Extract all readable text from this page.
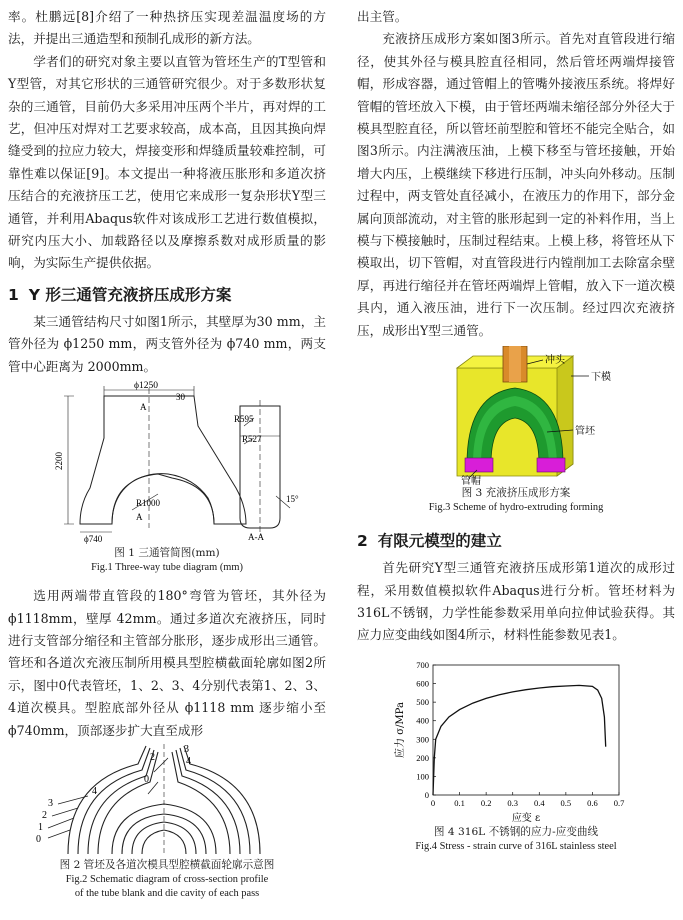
率。杜鹏远[8]介绍了一种热挤压实现差温温度场的方法，并提出三通造型和预制孔成形的新方法。

学者们的研究对象主要以直管为管坯生产的T型管和Y型管，对其它形状的三通管研究很少。对于多数形状复杂的三通管，目前仍大多采用冲压两个半片，再对焊的工艺，但冲压对焊对工艺要求较高，成本高，且因其换向焊缝受到的拉应力较大，焊接变形和焊缝质量较难控制，可靠性难以保证[9]。本文提出一种将液压胀形和多道次挤压结合的充液挤压工艺，使用它来成形一复杂形状Y型三通管，并利用Abaqus软件对该成形工艺进行数值模拟，研究内压大小、加载路径以及摩擦系数对成形质量的影响，为实际生产提供依据。

1 Y 形三通管充液挤压成形方案

某三通管结构尺寸如图1所示，其壁厚为30 mm，主管外径为 ϕ1250 mm，两支管外径为 ϕ740 mm，两支管中心距离为 2000mm。

ϕ1250
30
A
R595
R527
2200
R1000	15°
A
ϕ740	A-A
图 1 三通管简图(mm)
Fig.1 Three-way tube diagram (mm)

选用两端带直管段的180°弯管为管坯，其外径为 ϕ1118mm，壁厚 42mm。通过多道次充液挤压，同时进行支管部分缩径和主管部分胀形，逐步成形出三通管。管坯和各道次充液压制所用模具型腔横截面轮廓如图2所示，图中0代表管坯，1、2、3、4分别代表第1、2、3、4道次模具。型腔底部外径从 ϕ1118 mm 逐步缩小至 ϕ740mm，顶部逐步扩大直至成形

0
1
2
3
4
3
4
2
0
图 2 管坯及各道次模具型腔横截面轮廓示意图
Fig.2 Schematic diagram of cross-section profile
of the tube blank and die cavity of each pass

出主管。

充液挤压成形方案如图3所示。首先对直管段进行缩径，使其外径与模具腔直径相同，然后管坯两端焊接管帽，形成容器，通过管帽上的管嘴外接液压系统。将焊好管帽的管坯放入下模，由于管坯两端未缩径部分外径大于模具型腔直径，所以管坯前型腔和管坯不能完全贴合，如图3所示。内注满液压油，上模下移至与管坯接触，开始增大内压，上模继续下移进行压制，冲头向外移动。压制过程中，两支管处直径减小，在液压力的作用下，部分金属向顶部流动，对主管的胀形起到一定的补料作用，当上模与下模接触时，压制过程结束。上模上移，将管坯从下模取出，切下管帽，对直管段进行内镗削加工去除富余壁厚，再进行缩径并在管坯两端焊上管帽，放入下一道次模具内，通入液压油，进行下一次压制。经过四次充液挤压，成形出Y型三通管。

冲头
下模
管坯
管帽
图 3 充液挤压成形方案
Fig.3 Scheme of hydro-extruding forming
2 有限元模型的建立

首先研究Y型三通管充液挤压成形第1道次的成形过程，采用数值模拟软件Abaqus进行分析。管坯材料为316L不锈钢，力学性能参数采用单向拉伸试验获得。其应力应变曲线如图4所示，材料性能参数见表1。

0 0.1 0.2 0.3 0.4 0.5 0.6 0.7
0
100
200
300
400
500
600
700
应力 σ/MPa
应变 ε
图 4 316L 不锈钢的应力-应变曲线
Fig.4 Stress - strain curve of 316L stainless steel
